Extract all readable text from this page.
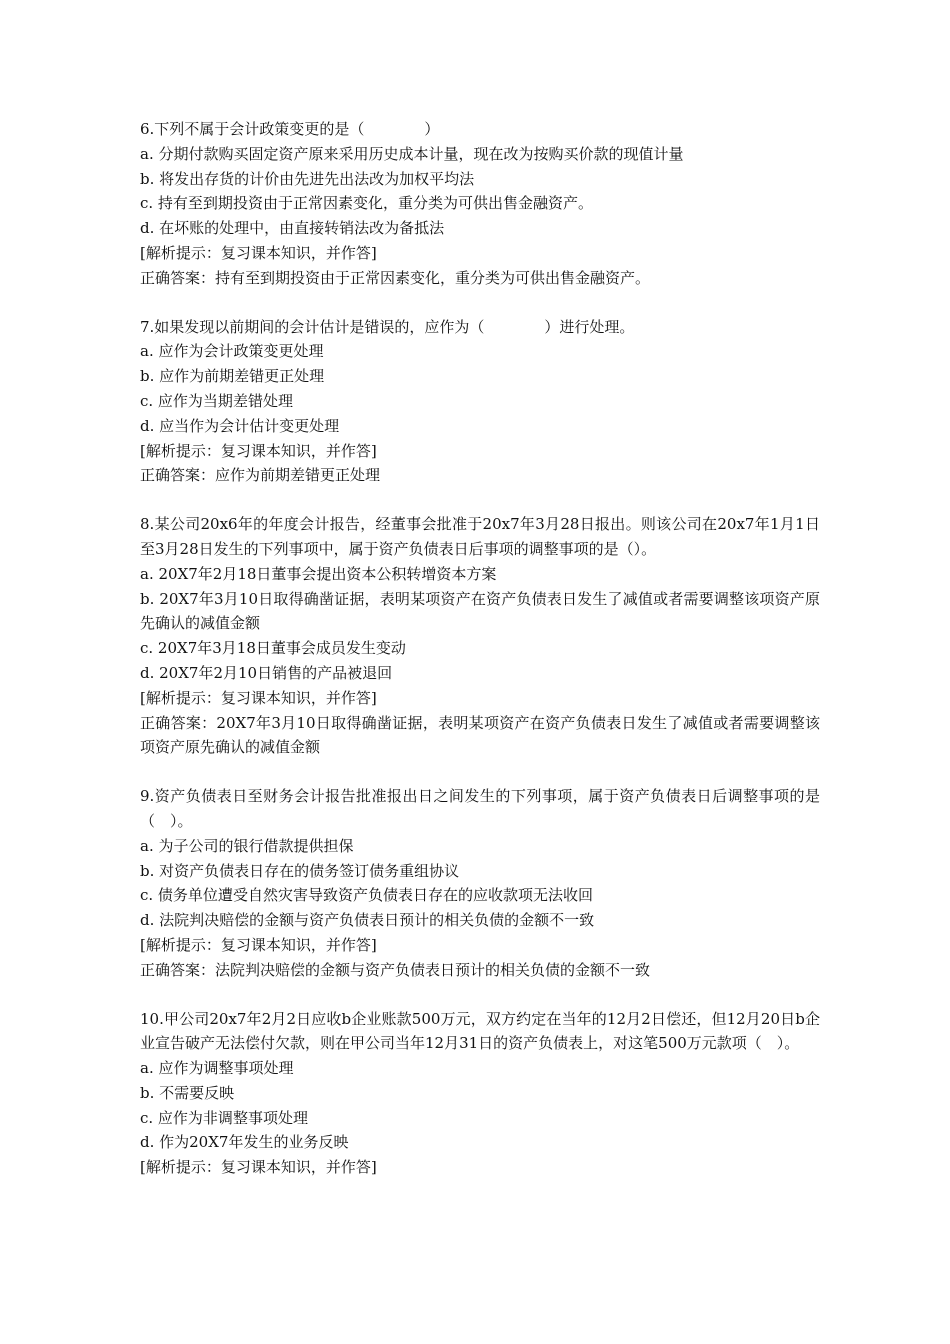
6.下列不属于会计政策变更的是（　　　　）
a. 分期付款购买固定资产原来采用历史成本计量，现在改为按购买价款的现值计量
b. 将发出存货的计价由先进先出法改为加权平均法
c. 持有至到期投资由于正常因素变化，重分类为可供出售金融资产。
d. 在坏账的处理中，由直接转销法改为备抵法
[解析提示：复习课本知识，并作答]
正确答案：持有至到期投资由于正常因素变化，重分类为可供出售金融资产。
7.如果发现以前期间的会计估计是错误的，应作为（　　　　）进行处理。
a. 应作为会计政策变更处理
b. 应作为前期差错更正处理
c. 应作为当期差错处理
d. 应当作为会计估计变更处理
[解析提示：复习课本知识，并作答]
正确答案：应作为前期差错更正处理
8.某公司20x6年的年度会计报告，经董事会批准于20x7年3月28日报出。则该公司在20x7年1月1日至3月28日发生的下列事项中，属于资产负债表日后事项的调整事项的是（）。
a. 20X7年2月18日董事会提出资本公积转增资本方案
b. 20X7年3月10日取得确凿证据，表明某项资产在资产负债表日发生了减值或者需要调整该项资产原先确认的减值金额
c. 20X7年3月18日董事会成员发生变动
d. 20X7年2月10日销售的产品被退回
[解析提示：复习课本知识，并作答]
正确答案：20X7年3月10日取得确凿证据，表明某项资产在资产负债表日发生了减值或者需要调整该项资产原先确认的减值金额
9.资产负债表日至财务会计报告批准报出日之间发生的下列事项，属于资产负债表日后调整事项的是（　）。
a. 为子公司的银行借款提供担保
b. 对资产负债表日存在的债务签订债务重组协议
c. 债务单位遭受自然灾害导致资产负债表日存在的应收款项无法收回
d. 法院判决赔偿的金额与资产负债表日预计的相关负债的金额不一致
[解析提示：复习课本知识，并作答]
正确答案：法院判决赔偿的金额与资产负债表日预计的相关负债的金额不一致
10.甲公司20x7年2月2日应收b企业账款500万元，双方约定在当年的12月2日偿还，但12月20日b企业宣告破产无法偿付欠款，则在甲公司当年12月31日的资产负债表上，对这笔500万元款项（　）。
a. 应作为调整事项处理
b. 不需要反映
c. 应作为非调整事项处理
d. 作为20X7年发生的业务反映
[解析提示：复习课本知识，并作答]
